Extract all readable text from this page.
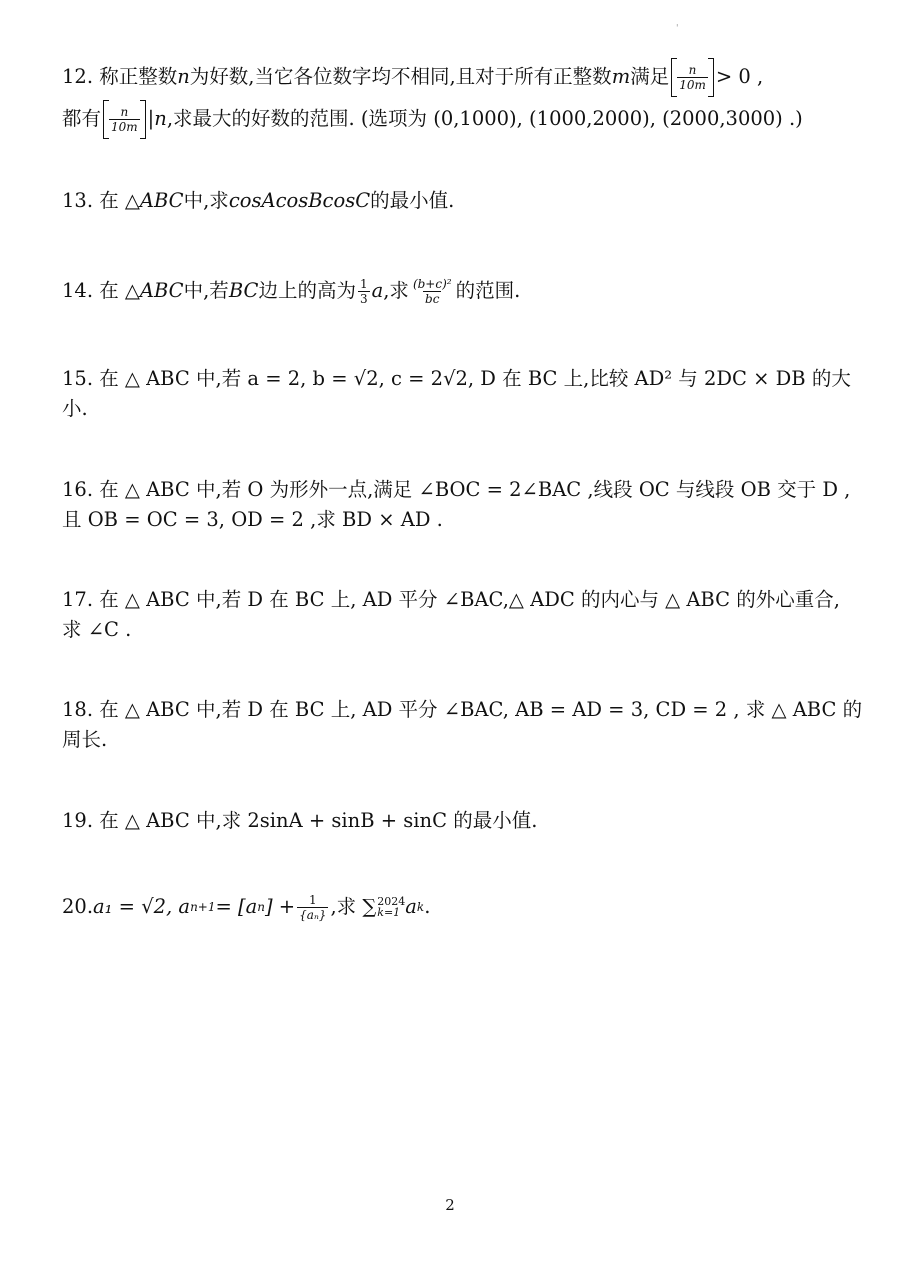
'
12. 称正整数 n 为好数,当它各位数字均不相同,且对于所有正整数 m 满足 $\frac{n}{10m} > 0$ ,
都有 $\frac{n}{10m}$ | n ,求最大的好数的范围. (选项为 (0,1000), (1000,2000), (2000,3000) .)
13. 在 △ ABC 中,求 cosAcosBcosC 的最小值.
14. 在 △ ABC 中,若 BC 边上的高为 $\frac{1}{3}$ a ,求 $\frac{\text{(b+c)²}}{bc}$ 的范围.
15. 在 △ ABC 中,若 a = 2, b = √2, c = 2√2, D 在 BC 上,比较 AD² 与 2DC × DB 的大
小.
16. 在 △ ABC 中,若 O 为形外一点,满足 ∠BOC = 2∠BAC ,线段 OC 与线段 OB 交于 D ,
且 OB = OC = 3, OD = 2 ,求 BD × AD .
17. 在 △ ABC 中,若 D 在 BC 上, AD 平分 ∠BAC,△ ADC 的内心与 △ ABC 的外心重合,
求 ∠C .
18. 在 △ ABC 中,若 D 在 BC 上, AD 平分 ∠BAC, AB = AD = 3, CD = 2 , 求 △ ABC 的
周长.
19. 在 △ ABC 中,求 2sinA + sinB + sinC 的最小值.
20. a₁ = √2, a n+1 = [a n ] + $\frac{1}{\text{\{aₙ\}}}$ ,求 ∑ 2024
k=1 a k .
2
